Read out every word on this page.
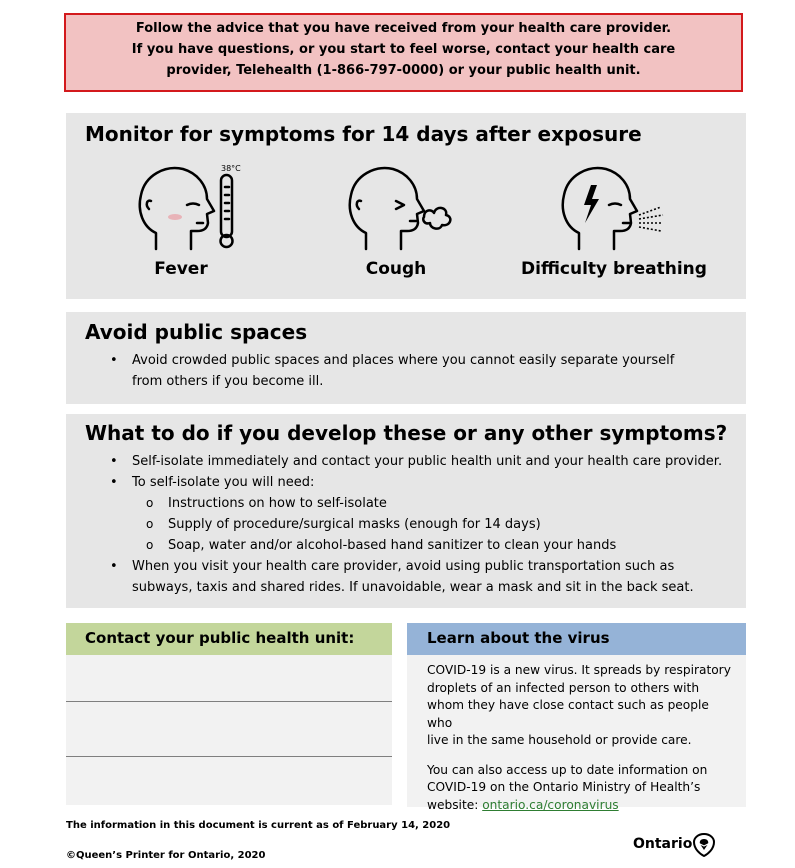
Follow the advice that you have received from your health care provider.
If you have questions, or you start to feel worse, contact your health care
provider, Telehealth (1-866-797-0000) or your public health unit.
Monitor for symptoms for 14 days after exposure
38°C
Fever	Cough	Difficulty breathing
Avoid public spaces
• Avoid crowded public spaces and places where you cannot easily separate yourself
from others if you become ill.
What to do if you develop these or any other symptoms?
• Self-isolate immediately and contact your public health unit and your health care provider.
• To self-isolate you will need:
o Instructions on how to self-isolate
o Supply of procedure/surgical masks (enough for 14 days)
o Soap, water and/or alcohol-based hand sanitizer to clean your hands
• When you visit your health care provider, avoid using public transportation such as
subways, taxis and shared rides. If unavoidable, wear a mask and sit in the back seat.
Contact your public health unit:	Learn about the virus

COVID-19 is a new virus. It spreads by respiratory
droplets of an infected person to others with
whom they have close contact such as people who
live in the same household or provide care.

You can also access up to date information on
COVID-19 on the Ontario Ministry of Health’s
website: ontario.ca/coronavirus

The information in this document is current as of February 14, 2020
©Queen’s Printer for Ontario, 2020
Ontario
